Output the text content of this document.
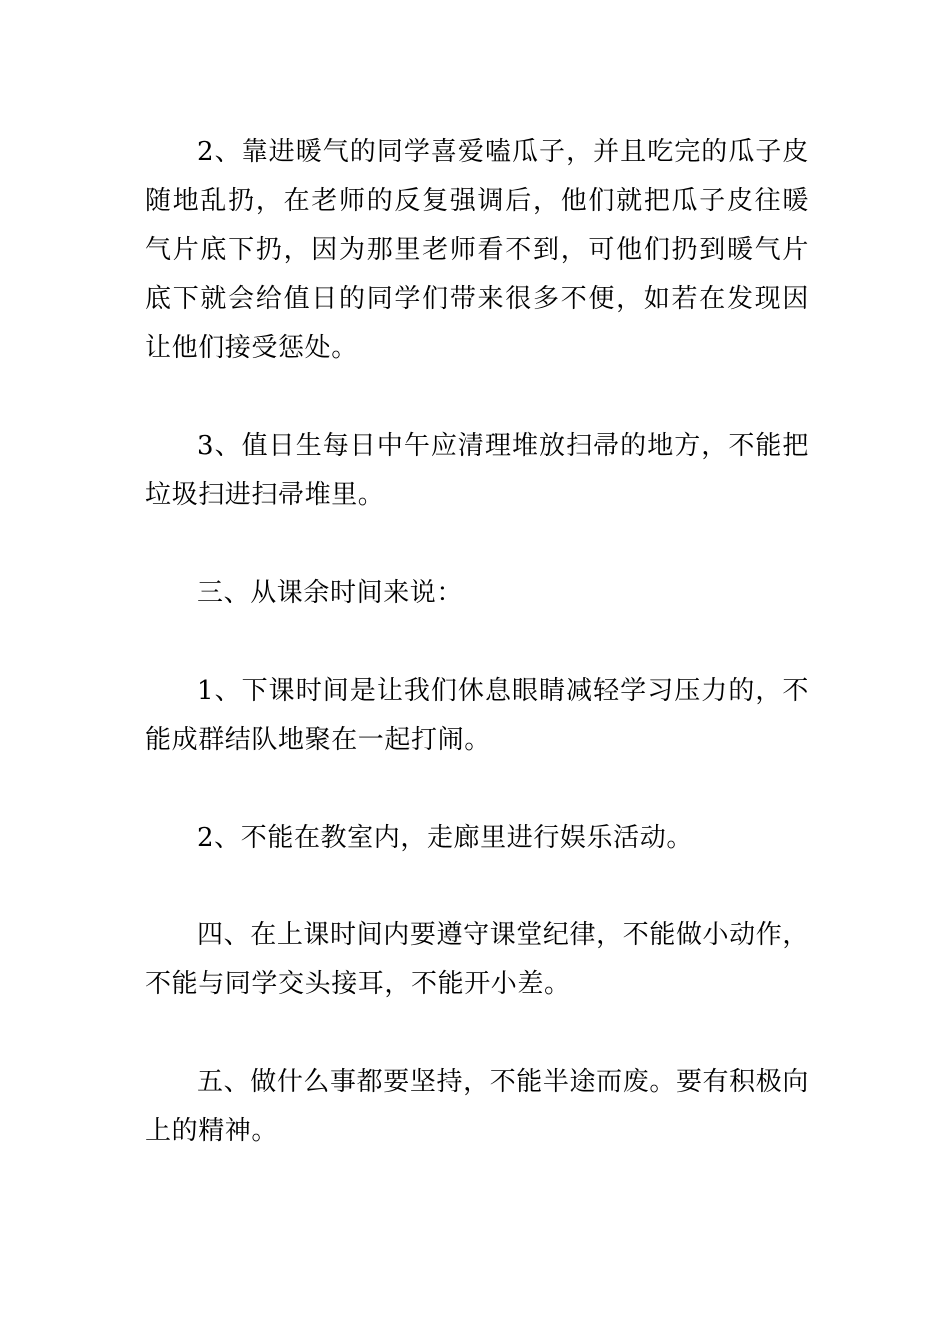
2、靠进暖气的同学喜爱嗑瓜子，并且吃完的瓜子皮随地乱扔，在老师的反复强调后，他们就把瓜子皮往暖气片底下扔，因为那里老师看不到，可他们扔到暖气片底下就会给值日的同学们带来很多不便，如若在发现因让他们接受惩处。

3、值日生每日中午应清理堆放扫帚的地方，不能把垃圾扫进扫帚堆里。

三、从课余时间来说：

1、下课时间是让我们休息眼睛减轻学习压力的，不能成群结队地聚在一起打闹。

2、不能在教室内，走廊里进行娱乐活动。

四、在上课时间内要遵守课堂纪律，不能做小动作，不能与同学交头接耳，不能开小差。

五、做什么事都要坚持，不能半途而废。要有积极向上的精神。
